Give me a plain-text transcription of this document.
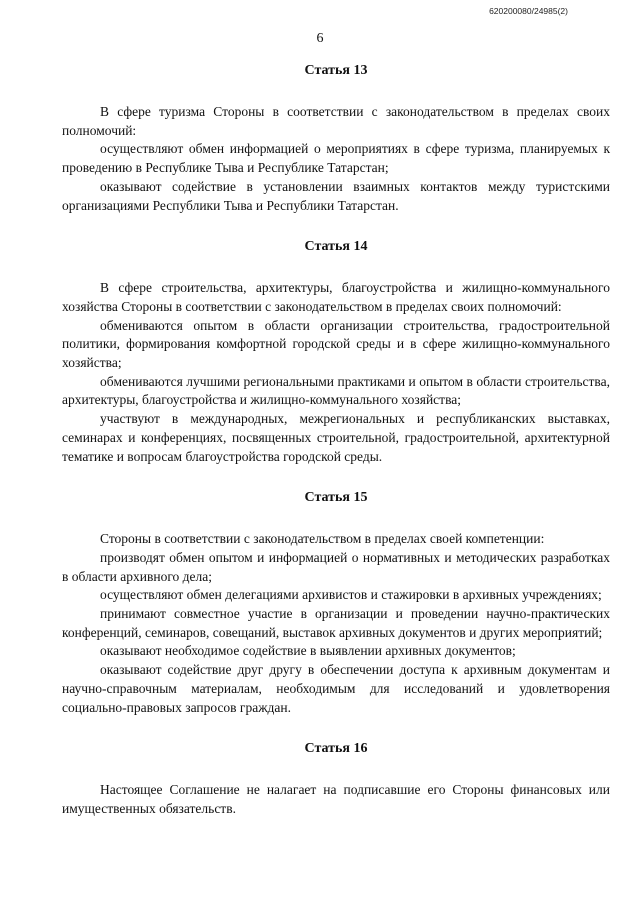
620200080/24985(2)
6
Статья 13

В сфере туризма Стороны в соответствии с законодательством в пределах своих полномочий:

осуществляют обмен информацией о мероприятиях в сфере туризма, планируемых к проведению в Республике Тыва и Республике Татарстан;

оказывают содействие в установлении взаимных контактов между туристскими организациями Республики Тыва и Республики Татарстан.

Статья 14

В сфере строительства, архитектуры, благоустройства и жилищно-коммунального хозяйства Стороны в соответствии с законодательством в пределах своих полномочий:

обмениваются опытом в области организации строительства, градостроительной политики, формирования комфортной городской среды и в сфере жилищно-коммунального хозяйства;

обмениваются лучшими региональными практиками и опытом в области строительства, архитектуры, благоустройства и жилищно-коммунального хозяйства;

участвуют в международных, межрегиональных и республиканских выставках, семинарах и конференциях, посвященных строительной, градостроительной, архитектурной тематике и вопросам благоустройства городской среды.

Статья 15

Стороны в соответствии с законодательством в пределах своей компетенции:

производят обмен опытом и информацией о нормативных и методических разработках в области архивного дела;

осуществляют обмен делегациями архивистов и стажировки в архивных учреждениях;

принимают совместное участие в организации и проведении научно-практических конференций, семинаров, совещаний, выставок архивных документов и других мероприятий;

оказывают необходимое содействие в выявлении архивных документов;

оказывают содействие друг другу в обеспечении доступа к архивным документам и научно-справочным материалам, необходимым для исследований и удовлетворения социально-правовых запросов граждан.

Статья 16

Настоящее Соглашение не налагает на подписавшие его Стороны финансовых или имущественных обязательств.
